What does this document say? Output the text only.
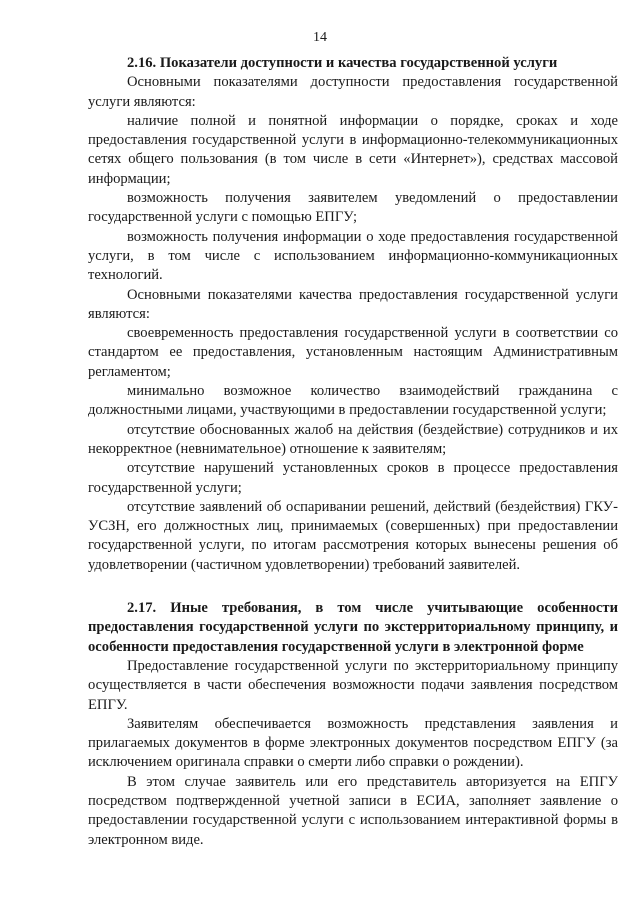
14
2.16. Показатели доступности и качества государственной услуги

Основными показателями доступности предоставления государственной услуги являются:

наличие полной и понятной информации о порядке, сроках и ходе предоставления государственной услуги в информационно-телекоммуникационных сетях общего пользования (в том числе в сети «Интернет»), средствах массовой информации;

возможность получения заявителем уведомлений о предоставлении государственной услуги с помощью ЕПГУ;

возможность получения информации о ходе предоставления государственной услуги, в том числе с использованием информационно-коммуникационных технологий.

Основными показателями качества предоставления государственной услуги являются:

своевременность предоставления государственной услуги в соответствии со стандартом ее предоставления, установленным настоящим Административным регламентом;

минимально возможное количество взаимодействий гражданина с должностными лицами, участвующими в предоставлении государственной услуги;

отсутствие обоснованных жалоб на действия (бездействие) сотрудников и их некорректное (невнимательное) отношение к заявителям;

отсутствие нарушений установленных сроков в процессе предоставления государственной услуги;

отсутствие заявлений об оспаривании решений, действий (бездействия) ГКУ-УСЗН, его должностных лиц, принимаемых (совершенных) при предоставлении государственной услуги, по итогам рассмотрения которых вынесены решения об удовлетворении (частичном удовлетворении) требований заявителей.

2.17. Иные требования, в том числе учитывающие особенности предоставления государственной услуги по экстерриториальному принципу, и особенности предоставления государственной услуги в электронной форме

Предоставление государственной услуги по экстерриториальному принципу осуществляется в части обеспечения возможности подачи заявления посредством ЕПГУ.

Заявителям обеспечивается возможность представления заявления и прилагаемых документов в форме электронных документов посредством ЕПГУ (за исключением оригинала справки о смерти либо справки о рождении).

В этом случае заявитель или его представитель авторизуется на ЕПГУ посредством подтвержденной учетной записи в ЕСИА, заполняет заявление о предоставлении государственной услуги с использованием интерактивной формы в электронном виде.
